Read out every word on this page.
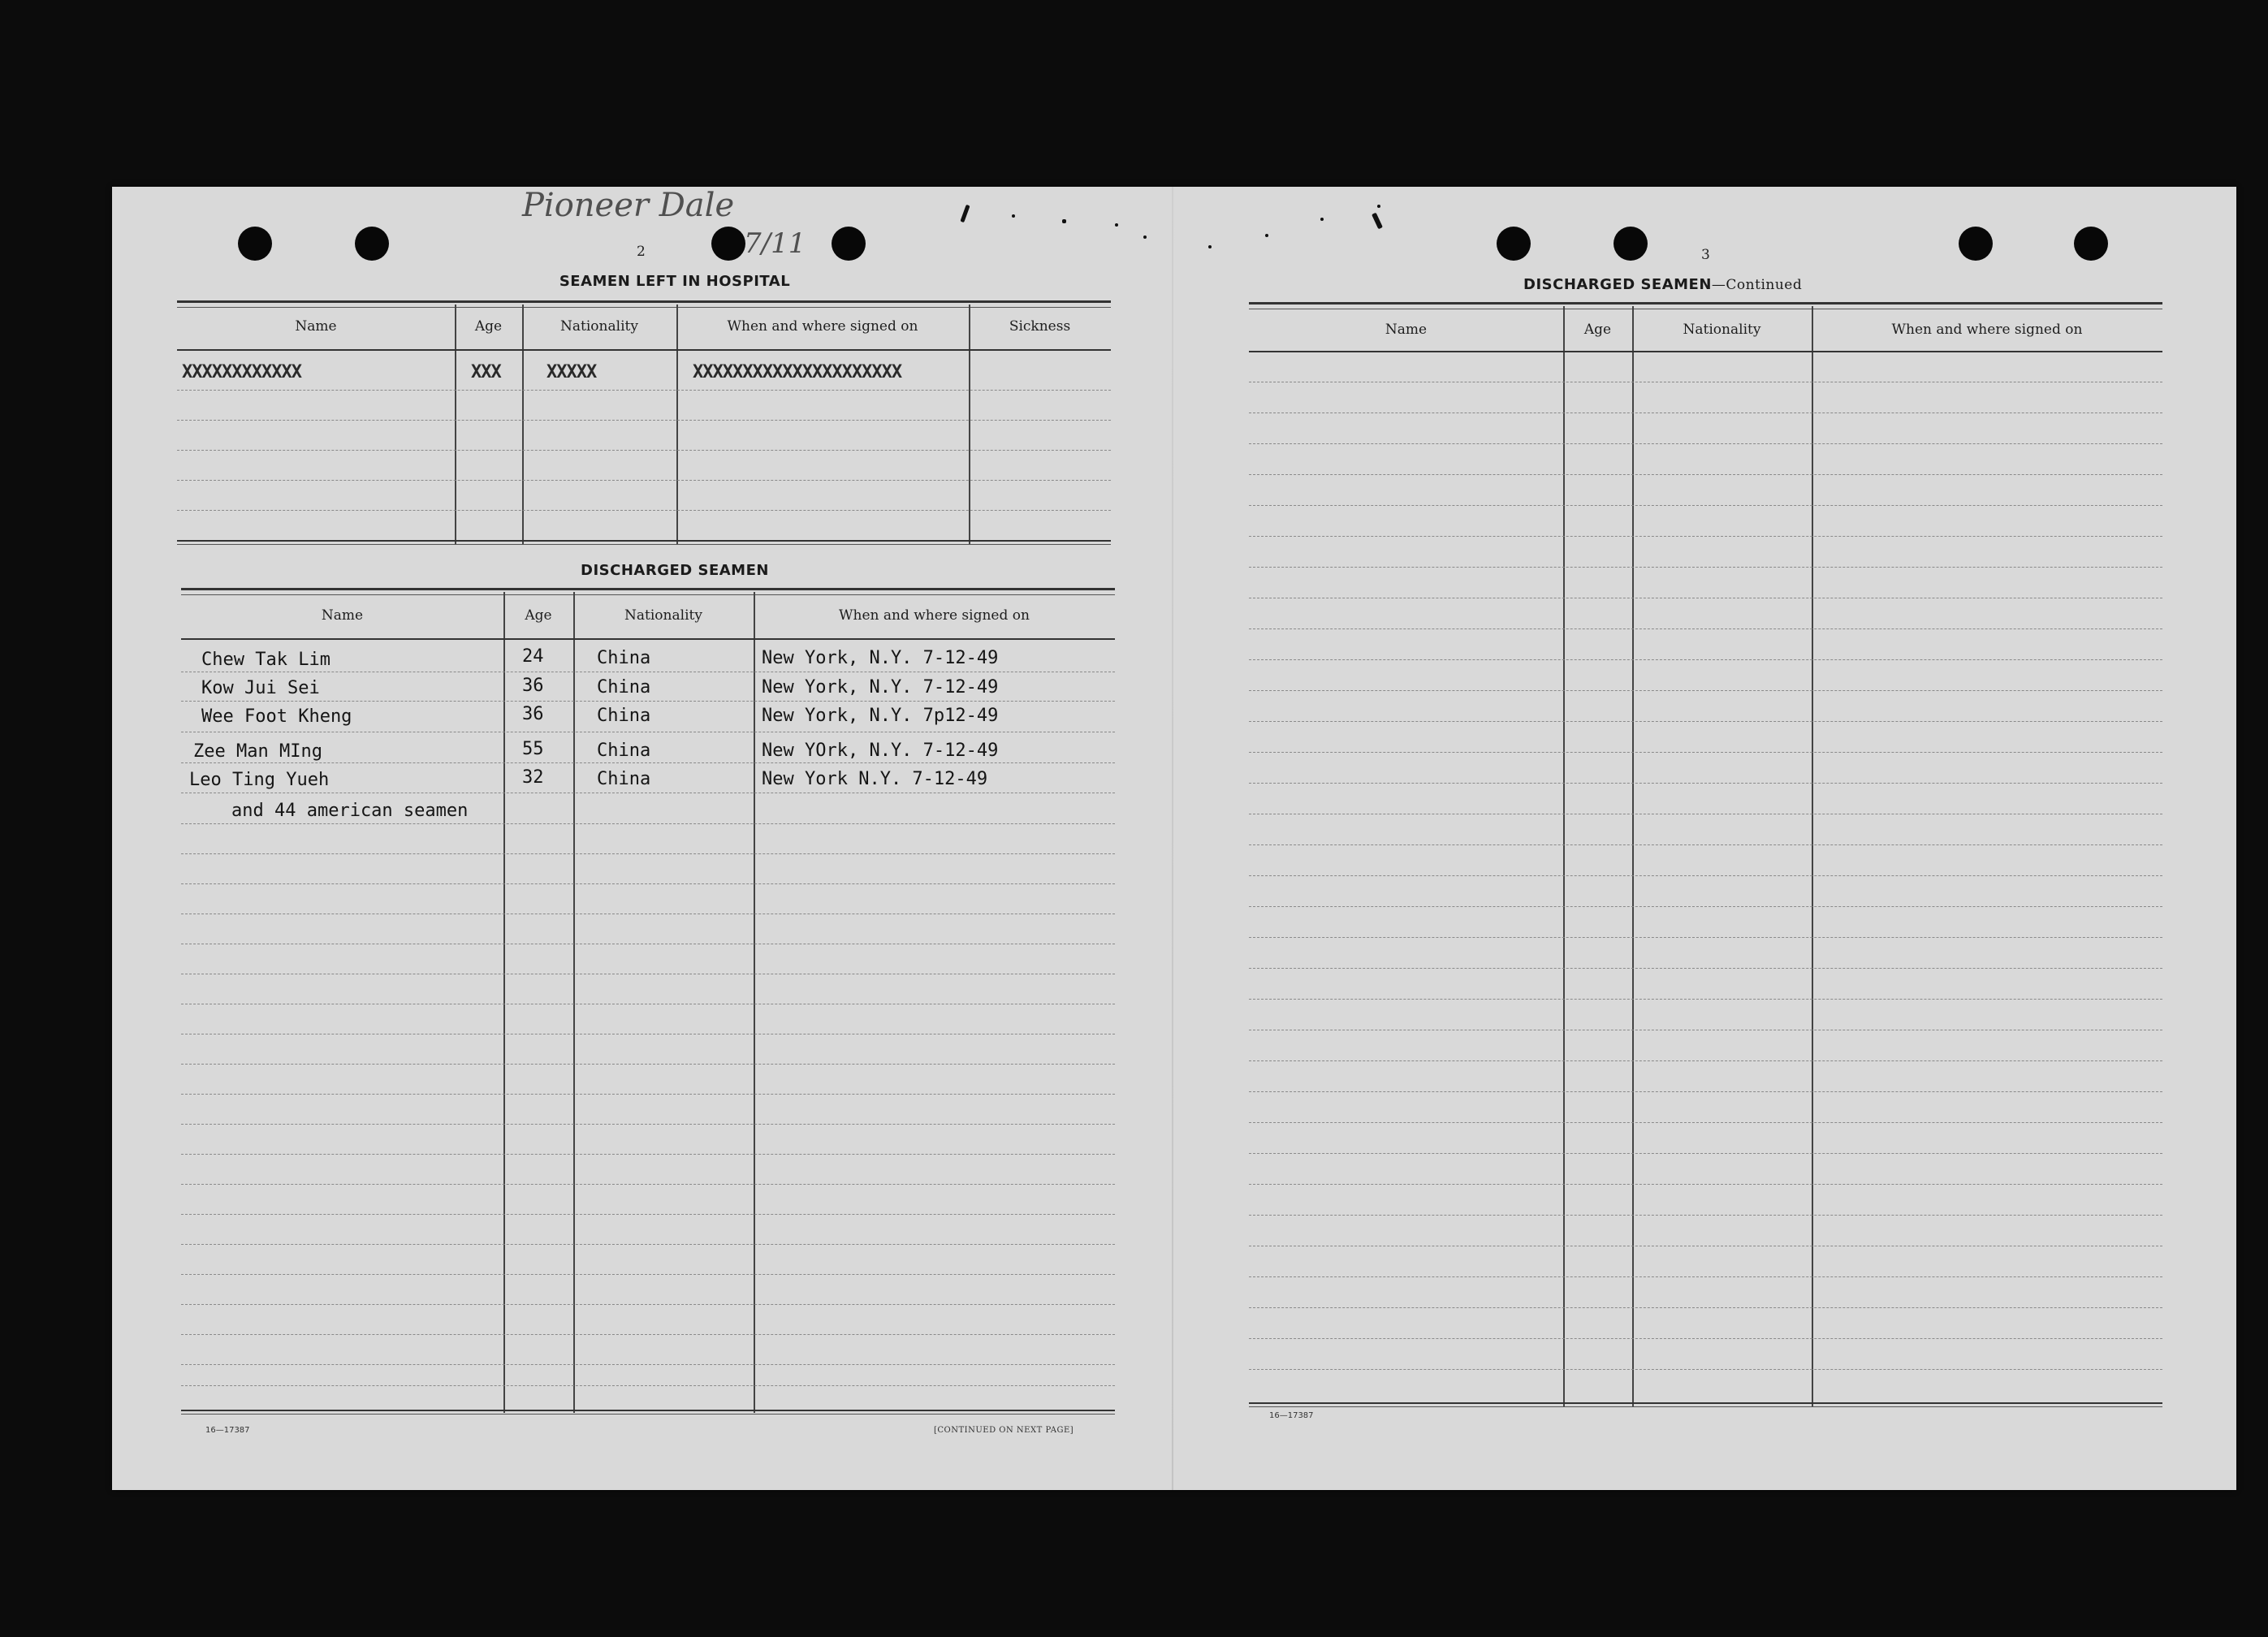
Pioneer Dale
7/11
2
SEAMEN LEFT IN HOSPITAL
Name	Age	Nationality	When and where signed on	Sickness
XXXXXXXXXXXX	XXX	XXXXX	XXXXXXXXXXXXXXXXXXXXX
DISCHARGED SEAMEN
Name	Age	Nationality	When and where signed on
Chew Tak Lim	24	China	New York, N.Y. 7-12-49
Kow Jui Sei	36	China	New York, N.Y. 7-12-49
Wee Foot Kheng	36	China	New York, N.Y. 7p12-49
Zee Man MIng	55	China	New YOrk, N.Y. 7-12-49
Leo Ting Yueh	32	China	New York N.Y. 7-12-49
and 44 american seamen
16—17387	[CONTINUED ON NEXT PAGE]
3
DISCHARGED SEAMEN—Continued
Name	Age	Nationality	When and where signed on
16—17387
